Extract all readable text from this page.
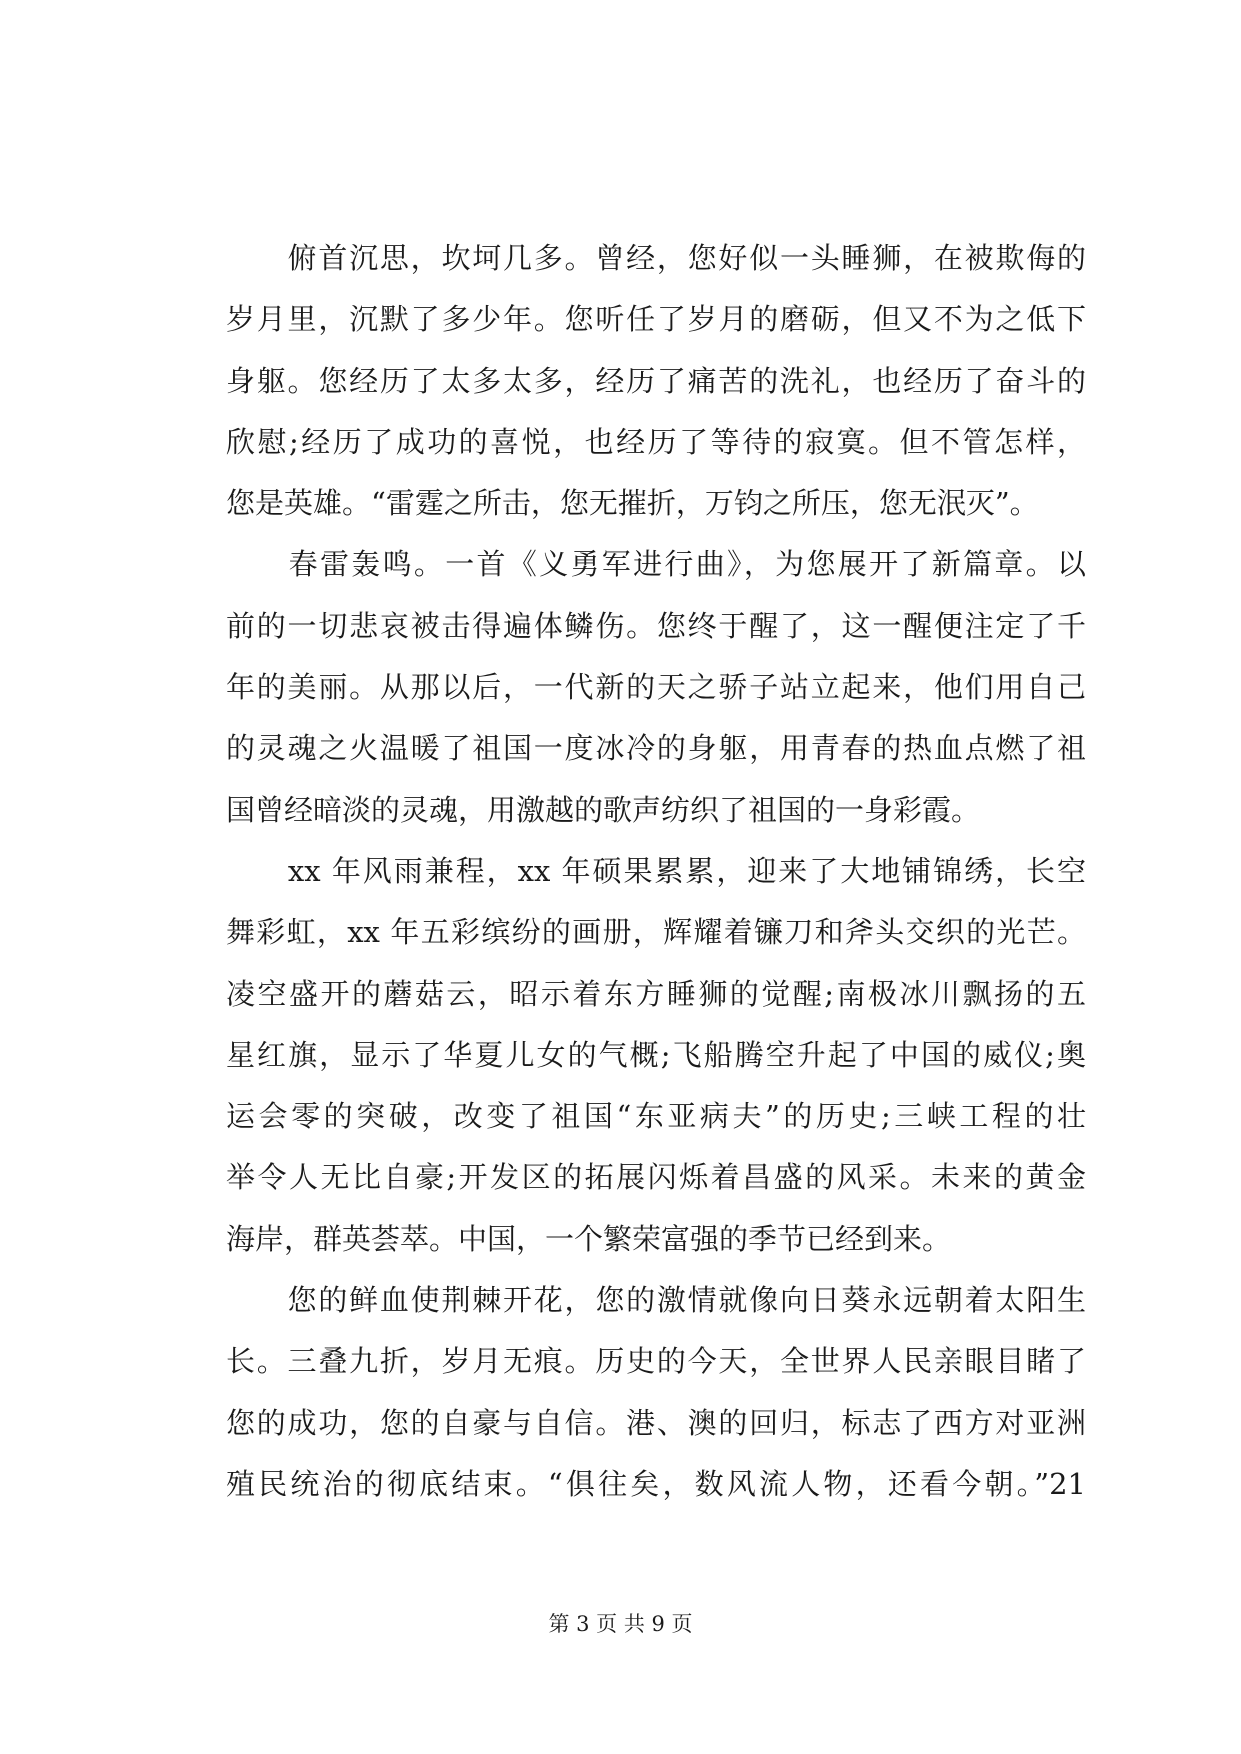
　　俯首沉思，坎坷几多。曾经，您好似一头睡狮，在被欺侮的
岁月里，沉默了多少年。您听任了岁月的磨砺，但又不为之低下
身躯。您经历了太多太多，经历了痛苦的洗礼，也经历了奋斗的
欣慰;经历了成功的喜悦，也经历了等待的寂寞。但不管怎样，
您是英雄。“雷霆之所击，您无摧折，万钧之所压，您无泯灭”。
　　春雷轰鸣。一首《义勇军进行曲》，为您展开了新篇章。以
前的一切悲哀被击得遍体鳞伤。您终于醒了，这一醒便注定了千
年的美丽。从那以后，一代新的天之骄子站立起来，他们用自己
的灵魂之火温暖了祖国一度冰冷的身躯，用青春的热血点燃了祖
国曾经暗淡的灵魂，用激越的歌声纺织了祖国的一身彩霞。
　　xx 年风雨兼程，xx 年硕果累累，迎来了大地铺锦绣，长空
舞彩虹，xx 年五彩缤纷的画册，辉耀着镰刀和斧头交织的光芒。
凌空盛开的蘑菇云，昭示着东方睡狮的觉醒;南极冰川飘扬的五
星红旗，显示了华夏儿女的气概;飞船腾空升起了中国的威仪;奥
运会零的突破，改变了祖国“东亚病夫”的历史;三峡工程的壮
举令人无比自豪;开发区的拓展闪烁着昌盛的风采。未来的黄金
海岸，群英荟萃。中国，一个繁荣富强的季节已经到来。
　　您的鲜血使荆棘开花，您的激情就像向日葵永远朝着太阳生
长。三叠九折，岁月无痕。历史的今天，全世界人民亲眼目睹了
您的成功，您的自豪与自信。港、澳的回归，标志了西方对亚洲
殖民统治的彻底结束。“俱往矣，数风流人物，还看今朝。”21
第 3 页 共 9 页
